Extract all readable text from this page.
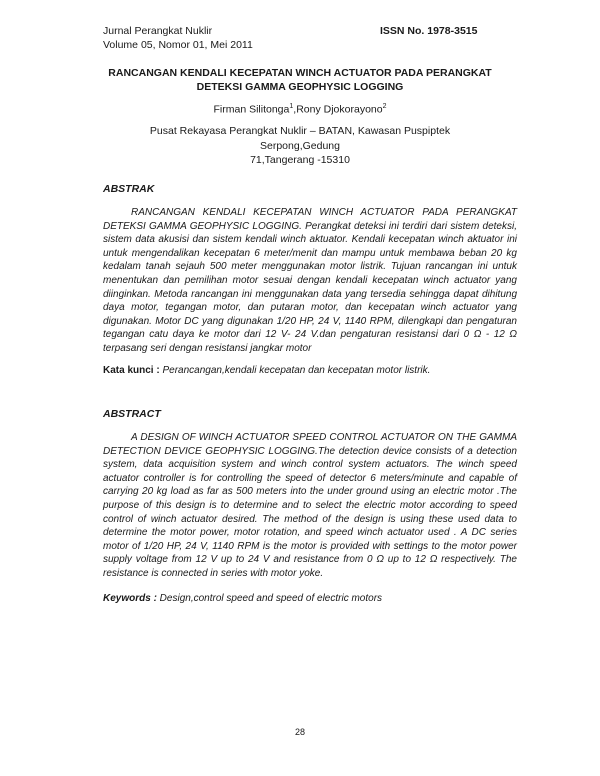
Jurnal Perangkat Nuklir
Volume 05, Nomor 01, Mei 2011
ISSN No. 1978-3515
RANCANGAN KENDALI KECEPATAN WINCH ACTUATOR PADA PERANGKAT
DETEKSI GAMMA GEOPHYSIC LOGGING
Firman Silitonga$^1$,Rony Djokorayono$^2$
Pusat Rekayasa Perangkat Nuklir – BATAN, Kawasan Puspiptek Serpong,Gedung
71,Tangerang -15310
ABSTRAK

RANCANGAN KENDALI KECEPATAN WINCH ACTUATOR PADA PERANGKAT DETEKSI GAMMA GEOPHYSIC LOGGING. Perangkat deteksi ini terdiri dari sistem deteksi, sistem data akusisi dan sistem kendali winch aktuator. Kendali kecepatan winch aktuator ini untuk mengendalikan kecepatan 6 meter/menit dan mampu untuk membawa beban 20 kg kedalam tanah sejauh 500 meter menggunakan motor listrik. Tujuan rancangan ini untuk menentukan dan pemilihan motor sesuai dengan kendali kecepatan winch actuator yang diinginkan. Metoda rancangan ini menggunakan data yang tersedia sehingga dapat dihitung daya motor, tegangan motor, dan putaran motor, dan kecepatan winch actuator yang digunakan. Motor DC yang digunakan 1/20 HP, 24 V, 1140 RPM, dilengkapi dan pengaturan tegangan catu daya ke motor dari 12 V- 24 V.dan pengaturan resistansi dari 0 Ω - 12 Ω terpasang seri dengan resistansi jangkar motor

Kata kunci : Perancangan,kendali kecepatan dan kecepatan motor listrik.
ABSTRACT

A DESIGN OF WINCH ACTUATOR SPEED CONTROL ACTUATOR ON THE GAMMA DETECTION DEVICE GEOPHYSIC LOGGING.The detection device consists of a detection system, data acquisition system and winch control system actuators. The winch speed actuator controller is for controlling the speed of detector 6 meters/minute and capable of carrying 20 kg load as far as 500 meters into the under ground using an electric motor .The purpose of this design is to determine and to select the electric motor according to speed control of winch actuator desired. The method of the design is using these used data to determine the motor power, motor rotation, and speed winch actuator used . A DC series motor of 1/20 HP, 24 V, 1140 RPM is the motor is provided with settings to the motor power supply voltage from 12 V up to 24 V and resistance from 0 Ω up to 12 Ω respectively. The resistance is connected in series with motor yoke.

Keywords : Design,control speed and speed of electric motors
28
